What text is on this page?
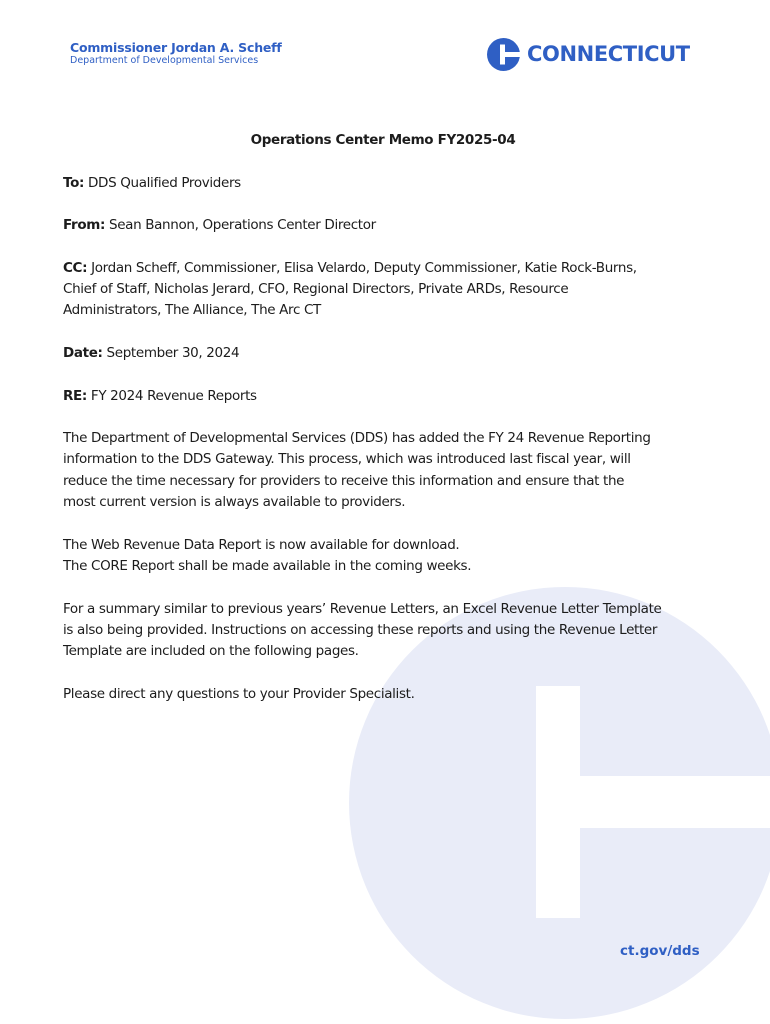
Commissioner Jordan A. Scheff
Department of Developmental Services	CONNECTICUT
Operations Center Memo FY2025-04

To: DDS Qualified Providers

From: Sean Bannon, Operations Center Director

CC: Jordan Scheff, Commissioner, Elisa Velardo, Deputy Commissioner, Katie Rock-Burns,
Chief of Staff, Nicholas Jerard, CFO, Regional Directors, Private ARDs, Resource
Administrators, The Alliance, The Arc CT

Date: September 30, 2024

RE: FY 2024 Revenue Reports

The Department of Developmental Services (DDS) has added the FY 24 Revenue Reporting
information to the DDS Gateway. This process, which was introduced last fiscal year, will
reduce the time necessary for providers to receive this information and ensure that the
most current version is always available to providers.

The Web Revenue Data Report is now available for download.
The CORE Report shall be made available in the coming weeks.

For a summary similar to previous years’ Revenue Letters, an Excel Revenue Letter Template
is also being provided. Instructions on accessing these reports and using the Revenue Letter
Template are included on the following pages.

Please direct any questions to your Provider Specialist.

ct.gov/dds
